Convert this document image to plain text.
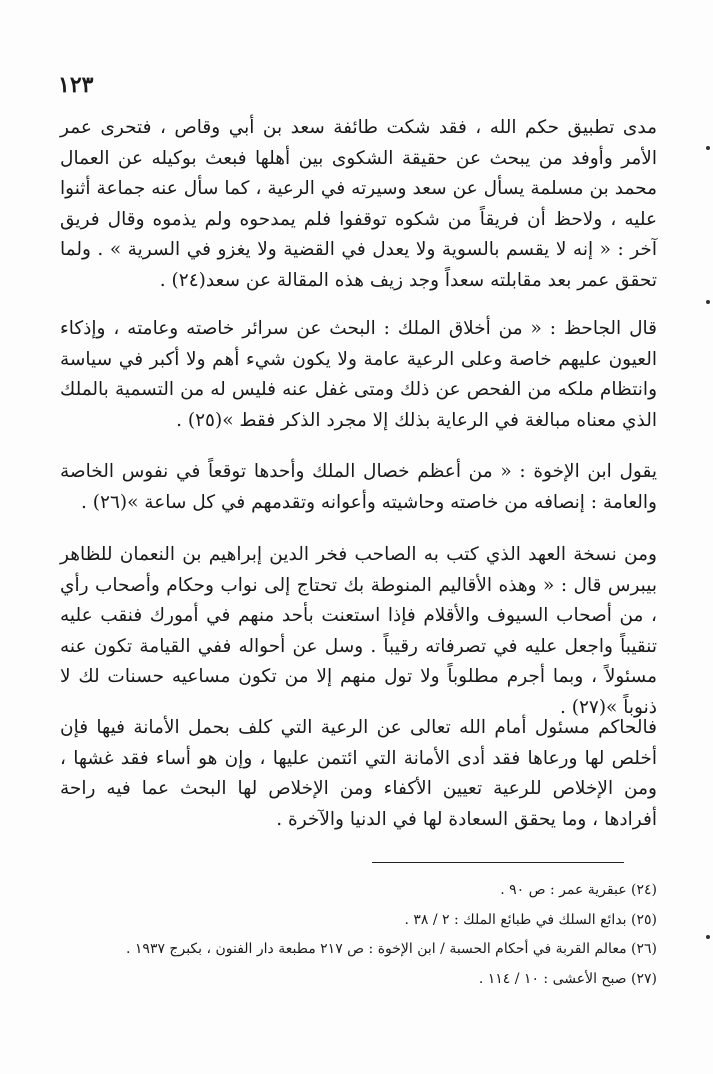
١٢٣

مدى تطبيق حكم الله ، فقد شكت طائفة سعد بن أبي وقاص ، فتحرى عمر الأمر وأوفد من يبحث عن حقيقة الشكوى بين أهلها فبعث بوكيله عن العمال محمد بن مسلمة يسأل عن سعد وسيرته في الرعية ، كما سأل عنه جماعة أثنوا عليه ، ولاحظ أن فريقاً من شكوه توقفوا فلم يمدحوه ولم يذموه وقال فريق آخر : « إنه لا يقسم بالسوية ولا يعدل في القضية ولا يغزو في السرية » . ولما تحقق عمر بعد مقابلته سعداً وجد زيف هذه المقالة عن سعد(٢٤) .

قال الجاحظ : « من أخلاق الملك : البحث عن سرائر خاصته وعامته ، وإذكاء العيون عليهم خاصة وعلى الرعية عامة ولا يكون شيء أهم ولا أكبر في سياسة وانتظام ملكه من الفحص عن ذلك ومتى غفل عنه فليس له من التسمية بالملك الذي معناه مبالغة في الرعاية بذلك إلا مجرد الذكر فقط »(٢٥) .

يقول ابن الإخوة : « من أعظم خصال الملك وأحدها توقعاً في نفوس الخاصة والعامة : إنصافه من خاصته وحاشيته وأعوانه وتقدمهم في كل ساعة »(٢٦) .

ومن نسخة العهد الذي كتب به الصاحب فخر الدين إبراهيم بن النعمان للظاهر بيبرس قال : « وهذه الأقاليم المنوطة بك تحتاج إلى نواب وحكام وأصحاب رأي ، من أصحاب السيوف والأقلام فإذا استعنت بأحد منهم في أمورك فنقب عليه تنقيباً واجعل عليه في تصرفاته رقيباً . وسل عن أحواله ففي القيامة تكون عنه مسئولاً ، وبما أجرم مطلوباً ولا تول منهم إلا من تكون مساعيه حسنات لك لا ذنوباً »(٢٧) .

فالحاكم مسئول أمام الله تعالى عن الرعية التي كلف بحمل الأمانة فيها فإن أخلص لها ورعاها فقد أدى الأمانة التي ائتمن عليها ، وإن هو أساء فقد غشها ، ومن الإخلاص للرعية تعيين الأكفاء ومن الإخلاص لها البحث عما فيه راحة أفرادها ، وما يحقق السعادة لها في الدنيا والآخرة .

(٢٤) عبقرية عمر : ص ٩٠ .
(٢٥) بدائع السلك في طبائع الملك : ٢ / ٣٨ .
(٢٦) معالم القربة في أحكام الحسبة / ابن الإخوة : ص ٢١٧ مطبعة دار الفنون ، بكبرج ١٩٣٧ .
(٢٧) صبح الأعشى : ١٠ / ١١٤ .
